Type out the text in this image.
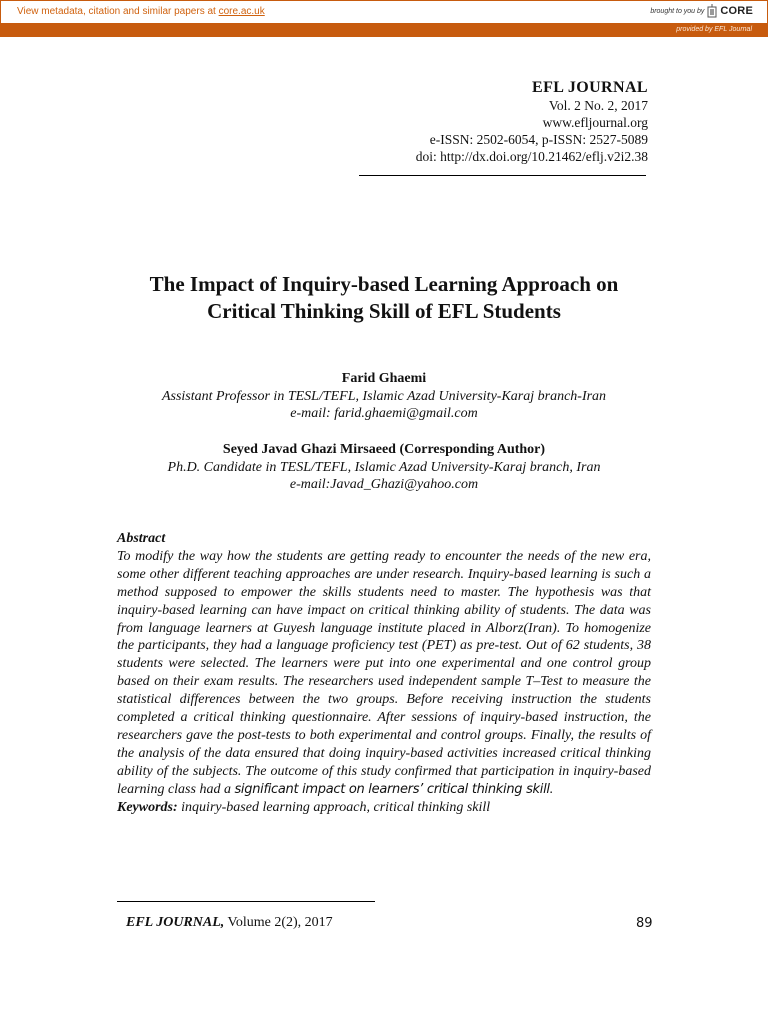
View metadata, citation and similar papers at core.ac.uk	brought to you by CORE
provided by EFL Journal
EFL JOURNAL
Vol. 2 No. 2, 2017
www.efljournal.org
e-ISSN: 2502-6054, p-ISSN: 2527-5089
doi: http://dx.doi.org/10.21462/eflj.v2i2.38
The Impact of Inquiry-based Learning Approach on
Critical Thinking Skill of EFL Students
Farid Ghaemi
Assistant Professor in TESL/TEFL, Islamic Azad University-Karaj branch-Iran
e-mail: farid.ghaemi@gmail.com
Seyed Javad Ghazi Mirsaeed (Corresponding Author)
Ph.D. Candidate in TESL/TEFL, Islamic Azad University-Karaj branch, Iran
e-mail:Javad_Ghazi@yahoo.com
Abstract

To modify the way how the students are getting ready to encounter the needs of the new era, some other different teaching approaches are under research. Inquiry-based learning is such a method supposed to empower the skills students need to master. The hypothesis was that inquiry-based learning can have impact on critical thinking ability of students. The data was from language learners at Guyesh language institute placed in Alborz(Iran). To homogenize the participants, they had a language proficiency test (PET) as pre-test. Out of 62 students, 38 students were selected. The learners were put into one experimental and one control group based on their exam results. The researchers used independent sample T–Test to measure the statistical differences between the two groups. Before receiving instruction the students completed a critical thinking questionnaire. After sessions of inquiry-based instruction, the researchers gave the post-tests to both experimental and control groups. Finally, the results of the analysis of the data ensured that doing inquiry-based activities increased critical thinking ability of the subjects. The outcome of this study confirmed that participation in inquiry-based learning class had a significant impact on learners’ critical thinking skill.

Keywords: inquiry-based learning approach, critical thinking skill

EFL JOURNAL, Volume 2(2), 2017	89
